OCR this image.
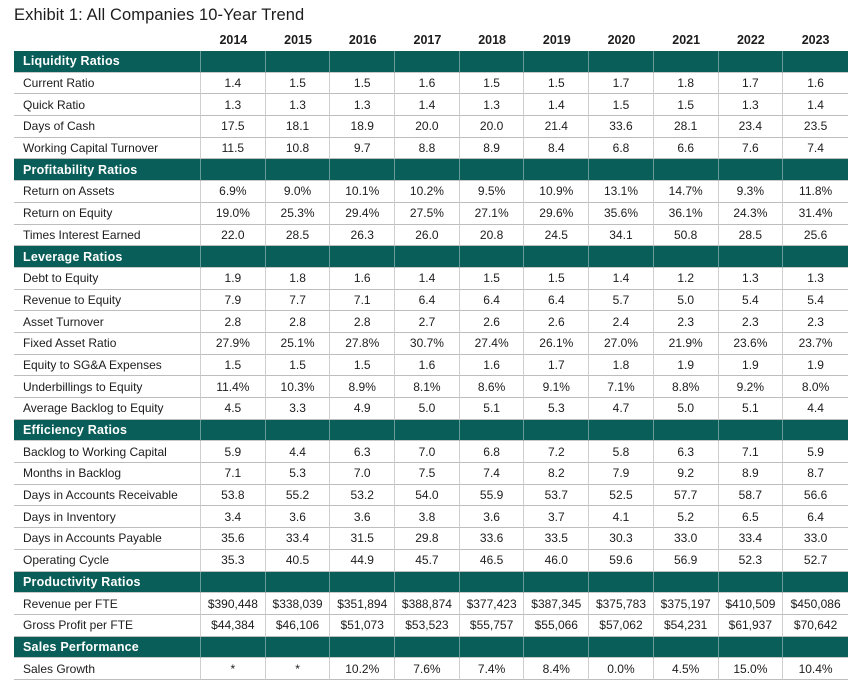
Exhibit 1: All Companies 10-Year Trend
	2014	2015	2016	2017	2018	2019	2020	2021	2022	2023
Liquidity Ratios										
Current Ratio	1.4	1.5	1.5	1.6	1.5	1.5	1.7	1.8	1.7	1.6
Quick Ratio	1.3	1.3	1.3	1.4	1.3	1.4	1.5	1.5	1.3	1.4
Days of Cash	17.5	18.1	18.9	20.0	20.0	21.4	33.6	28.1	23.4	23.5
Working Capital Turnover	11.5	10.8	9.7	8.8	8.9	8.4	6.8	6.6	7.6	7.4
Profitability Ratios										
Return on Assets	6.9%	9.0%	10.1%	10.2%	9.5%	10.9%	13.1%	14.7%	9.3%	11.8%
Return on Equity	19.0%	25.3%	29.4%	27.5%	27.1%	29.6%	35.6%	36.1%	24.3%	31.4%
Times Interest Earned	22.0	28.5	26.3	26.0	20.8	24.5	34.1	50.8	28.5	25.6
Leverage Ratios										
Debt to Equity	1.9	1.8	1.6	1.4	1.5	1.5	1.4	1.2	1.3	1.3
Revenue to Equity	7.9	7.7	7.1	6.4	6.4	6.4	5.7	5.0	5.4	5.4
Asset Turnover	2.8	2.8	2.8	2.7	2.6	2.6	2.4	2.3	2.3	2.3
Fixed Asset Ratio	27.9%	25.1%	27.8%	30.7%	27.4%	26.1%	27.0%	21.9%	23.6%	23.7%
Equity to SG&A Expenses	1.5	1.5	1.5	1.6	1.6	1.7	1.8	1.9	1.9	1.9
Underbillings to Equity	11.4%	10.3%	8.9%	8.1%	8.6%	9.1%	7.1%	8.8%	9.2%	8.0%
Average Backlog to Equity	4.5	3.3	4.9	5.0	5.1	5.3	4.7	5.0	5.1	4.4
Efficiency Ratios										
Backlog to Working Capital	5.9	4.4	6.3	7.0	6.8	7.2	5.8	6.3	7.1	5.9
Months in Backlog	7.1	5.3	7.0	7.5	7.4	8.2	7.9	9.2	8.9	8.7
Days in Accounts Receivable	53.8	55.2	53.2	54.0	55.9	53.7	52.5	57.7	58.7	56.6
Days in Inventory	3.4	3.6	3.6	3.8	3.6	3.7	4.1	5.2	6.5	6.4
Days in Accounts Payable	35.6	33.4	31.5	29.8	33.6	33.5	30.3	33.0	33.4	33.0
Operating Cycle	35.3	40.5	44.9	45.7	46.5	46.0	59.6	56.9	52.3	52.7
Productivity Ratios										
Revenue per FTE	$390,448	$338,039	$351,894	$388,874	$377,423	$387,345	$375,783	$375,197	$410,509	$450,086
Gross Profit per FTE	$44,384	$46,106	$51,073	$53,523	$55,757	$55,066	$57,062	$54,231	$61,937	$70,642
Sales Performance										
Sales Growth	*	*	10.2%	7.6%	7.4%	8.4%	0.0%	4.5%	15.0%	10.4%
